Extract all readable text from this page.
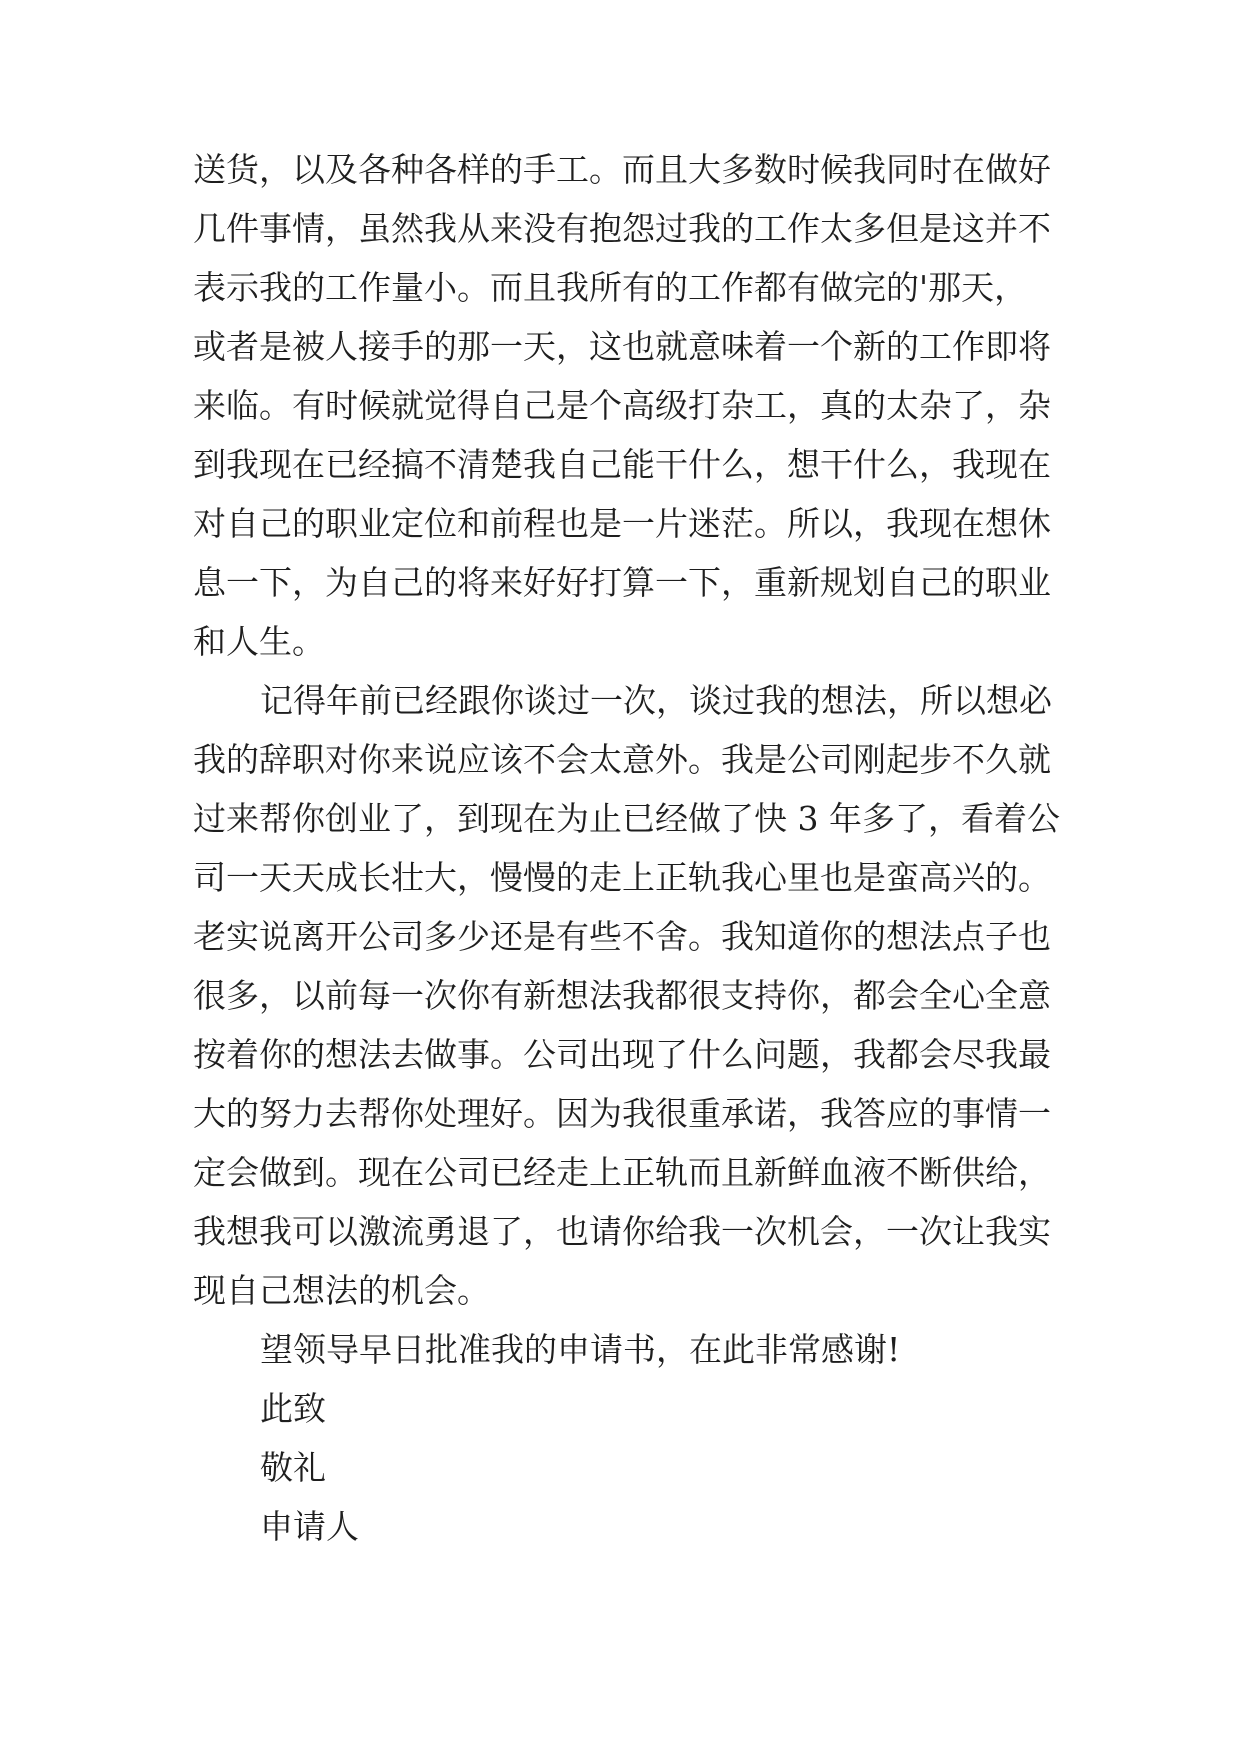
送货，以及各种各样的手工。而且大多数时候我同时在做好
几件事情，虽然我从来没有抱怨过我的工作太多但是这并不
表示我的工作量小。而且我所有的工作都有做完的'那天，
或者是被人接手的那一天，这也就意味着一个新的工作即将
来临。有时候就觉得自己是个高级打杂工，真的太杂了，杂
到我现在已经搞不清楚我自己能干什么，想干什么，我现在
对自己的职业定位和前程也是一片迷茫。所以，我现在想休
息一下，为自己的将来好好打算一下，重新规划自己的职业
和人生。
记得年前已经跟你谈过一次，谈过我的想法，所以想必
我的辞职对你来说应该不会太意外。我是公司刚起步不久就
过来帮你创业了，到现在为止已经做了快 3 年多了，看着公
司一天天成长壮大，慢慢的走上正轨我心里也是蛮高兴的。
老实说离开公司多少还是有些不舍。我知道你的想法点子也
很多，以前每一次你有新想法我都很支持你，都会全心全意
按着你的想法去做事。公司出现了什么问题，我都会尽我最
大的努力去帮你处理好。因为我很重承诺，我答应的事情一
定会做到。现在公司已经走上正轨而且新鲜血液不断供给，
我想我可以激流勇退了，也请你给我一次机会，一次让我实
现自己想法的机会。
望领导早日批准我的申请书，在此非常感谢!
此致
敬礼
申请人
